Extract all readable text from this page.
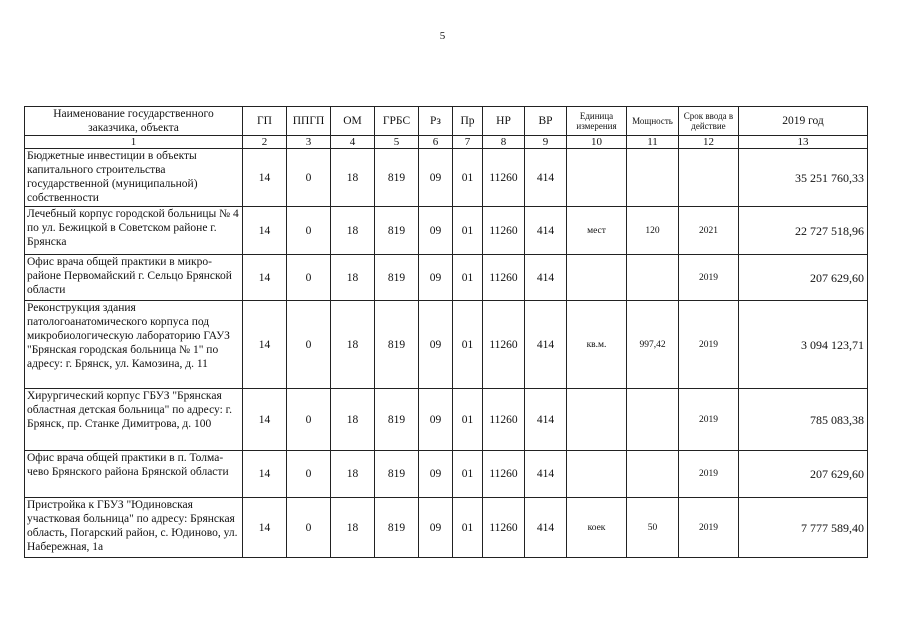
5
Наименование государственного заказчика, объекта	ГП	ППГП	ОМ	ГРБС	Рз	Пр	НР	ВР	Единица измерения	Мощность	Срок ввода в действие	2019 год
1	2	3	4	5	6	7	8	9	10	11	12	13
Бюджетные инвестиции в объекты капитального строительства государственной (муниципальной) собственности	14	0	18	819	09	01	11260	414				35 251 760,33
Лечебный корпус городской больницы № 4 по ул. Бежицкой в Советском районе г. Брянска	14	0	18	819	09	01	11260	414	мест	120	2021	22 727 518,96
Офис врача общей практики в микро-районе Первомайский г. Сельцо Брянской области	14	0	18	819	09	01	11260	414			2019	207 629,60
Реконструкция здания патологоанатомического корпуса под микробиологическую лабораторию ГАУЗ "Брянская городская больница № 1" по адресу: г. Брянск, ул. Камозина, д. 11	14	0	18	819	09	01	11260	414	кв.м.	997,42	2019	3 094 123,71
Хирургический корпус ГБУЗ "Брянская областная детская больница" по адресу: г. Брянск, пр. Станке Димитрова, д. 100	14	0	18	819	09	01	11260	414			2019	785 083,38
Офис врача общей практики в п. Толма-чево Брянского района Брянской области	14	0	18	819	09	01	11260	414			2019	207 629,60
Пристройка к ГБУЗ "Юдиновская участковая больница" по адресу: Брянская область, Погарский район, с. Юдиново, ул. Набережная, 1а	14	0	18	819	09	01	11260	414	коек	50	2019	7 777 589,40
